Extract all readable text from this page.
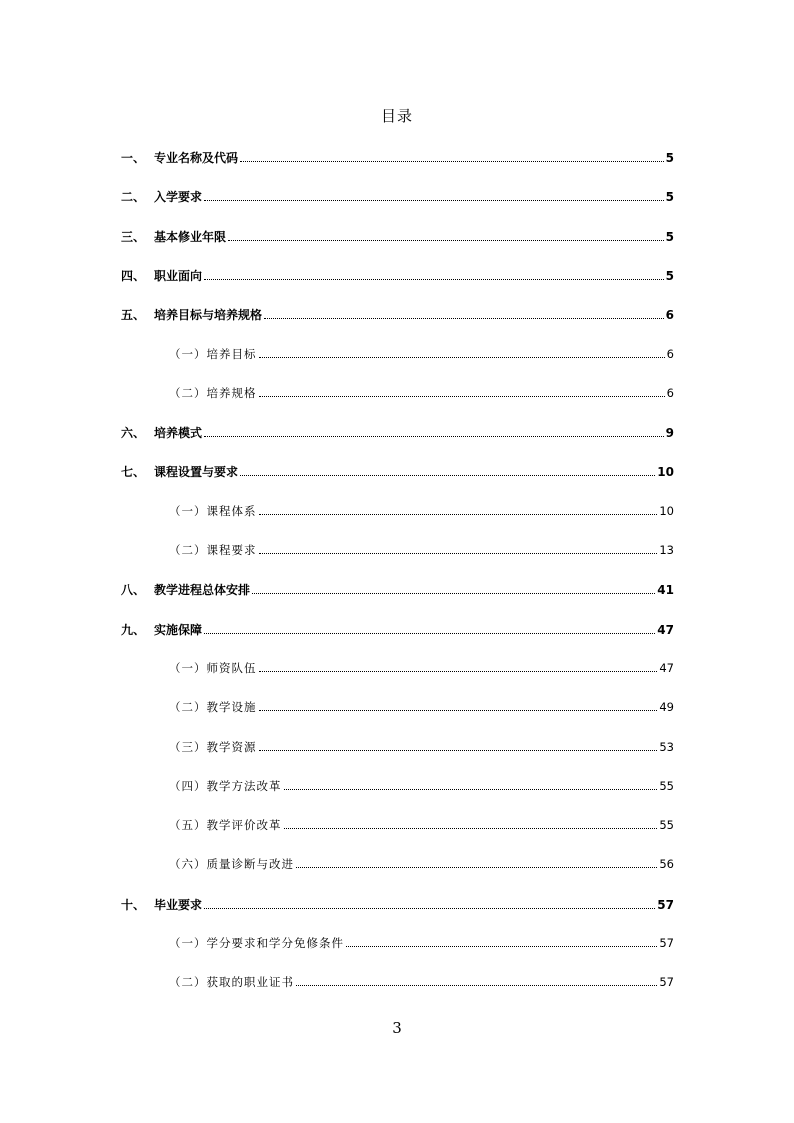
目录
一、 专业名称及代码	5
二、 入学要求	5
三、 基本修业年限	5
四、 职业面向	5
五、 培养目标与培养规格	6
（一）培养目标	6
（二）培养规格	6
六、 培养模式	9
七、 课程设置与要求	10
（一）课程体系	10
（二）课程要求	13
八、 教学进程总体安排	41
九、 实施保障	47
（一）师资队伍	47
（二）教学设施	49
（三）教学资源	53
（四）教学方法改革	55
（五）教学评价改革	55
（六）质量诊断与改进	56
十、 毕业要求	57
（一）学分要求和学分免修条件	57
（二）获取的职业证书	57
3
